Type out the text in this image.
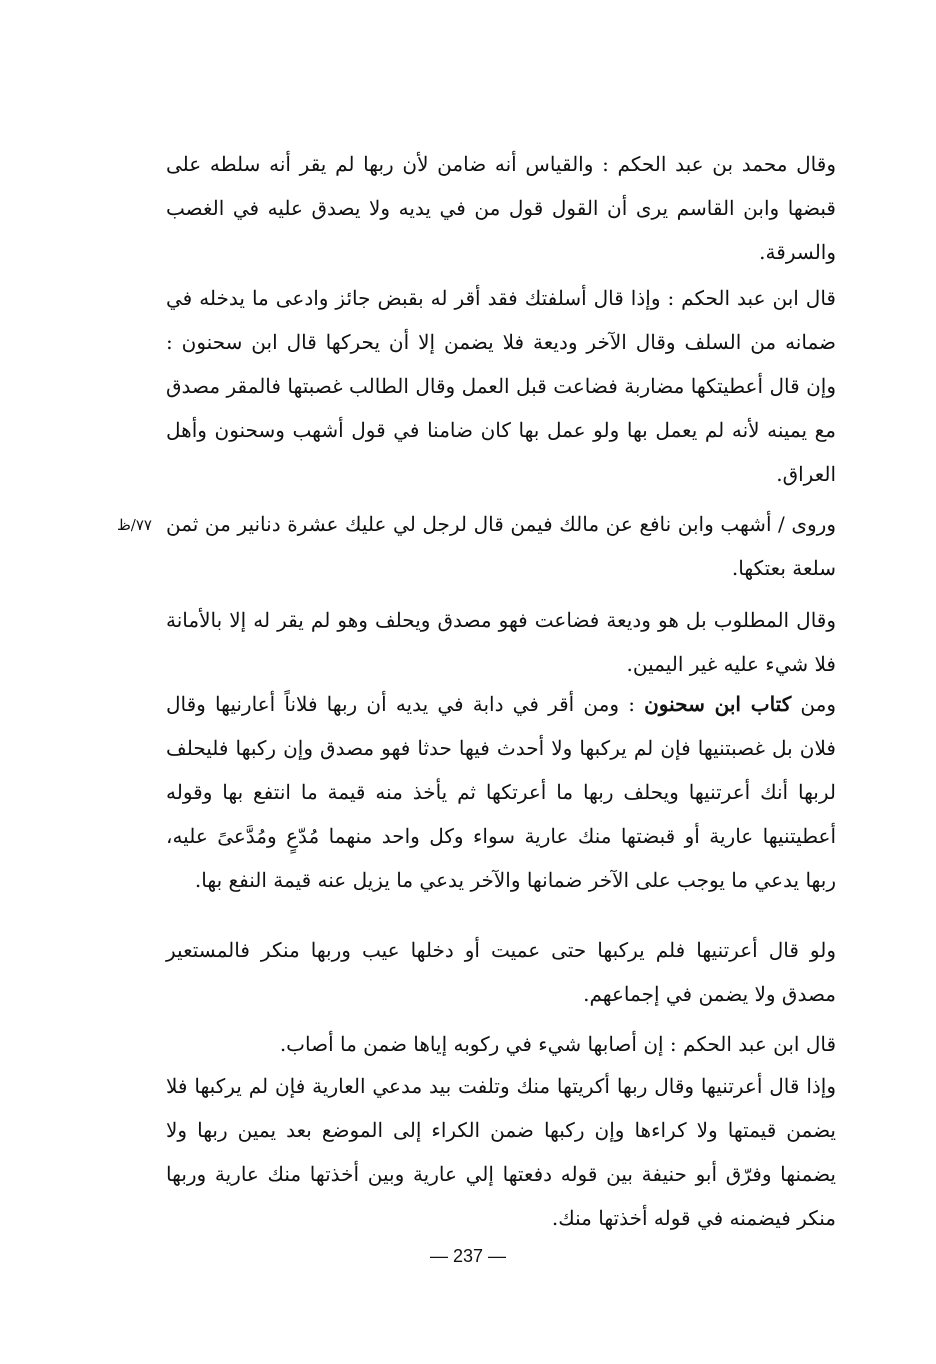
وقال محمد بن عبد الحكم : والقياس أنه ضامن لأن ربها لم يقر أنه سلطه على قبضها وابن القاسم يرى أن القول قول من في يديه ولا يصدق عليه في الغصب والسرقة.

قال ابن عبد الحكم : وإذا قال أسلفتك فقد أقر له بقبض جائز وادعى ما يدخله في ضمانه من السلف وقال الآخر وديعة فلا يضمن إلا أن يحركها قال ابن سحنون : وإن قال أعطيتكها مضاربة فضاعت قبل العمل وقال الطالب غصبتها فالمقر مصدق مع يمينه لأنه لم يعمل بها ولو عمل بها كان ضامنا في قول أشهب وسحنون وأهل العراق.

وروى / أشهب وابن نافع عن مالك فيمن قال لرجل لي عليك عشرة دنانير من ثمن سلعة بعتكها.

٧٧/ظ

وقال المطلوب بل هو وديعة فضاعت فهو مصدق ويحلف وهو لم يقر له إلا بالأمانة فلا شيء عليه غير اليمين.

ومن كتاب ابن سحنون : ومن أقر في دابة في يديه أن ربها فلاناً أعارنيها وقال فلان بل غصبتنيها فإن لم يركبها ولا أحدث فيها حدثا فهو مصدق وإن ركبها فليحلف لربها أنك أعرتنيها ويحلف ربها ما أعرتكها ثم يأخذ منه قيمة ما انتفع بها وقوله أعطيتنيها عارية أو قبضتها منك عارية سواء وكل واحد منهما مُدّعٍ ومُدَّعىً عليه، ربها يدعي ما يوجب على الآخر ضمانها والآخر يدعي ما يزيل عنه قيمة النفع بها.

ولو قال أعرتنيها فلم يركبها حتى عميت أو دخلها عيب وربها منكر فالمستعير مصدق ولا يضمن في إجماعهم.

قال ابن عبد الحكم : إن أصابها شيء في ركوبه إياها ضمن ما أصاب.

وإذا قال أعرتنيها وقال ربها أكريتها منك وتلفت بيد مدعي العارية فإن لم يركبها فلا يضمن قيمتها ولا كراءها وإن ركبها ضمن الكراء إلى الموضع بعد يمين ربها ولا يضمنها وفرّق أبو حنيفة بين قوله دفعتها إلي عارية وبين أخذتها منك عارية وربها منكر فيضمنه في قوله أخذتها منك.

— 237 —
